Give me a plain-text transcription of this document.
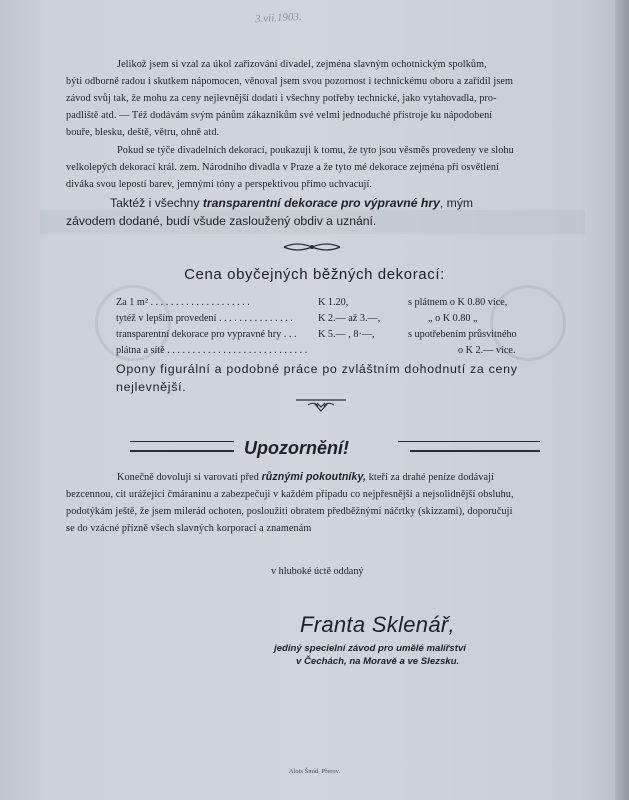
3.vii.1903.
Jelikož jsem si vzal za úkol zařizování divadel, zejména slavným ochotnickým spolkům,
býti odborně radou i skutkem nápomocen, věnoval jsem svou pozornost i technickému oboru a zařídil jsem
závod svůj tak, že mohu za ceny nejlevnější dodati i všechny potřeby technické, jako vytahovadla, pro-
padliště atd. — Též dodávám svým pánům zákazníkům své velmi jednoduché přístroje ku nápodobení
bouře, blesku, deště, větru, ohně atd.
Pokud se týče divadelních dekorací, poukazuji k tomu, že tyto jsou věsměs provedeny ve slohu
velkolepých dekorací král. zem. Národního divadla v Praze a že tyto mé dekorace zejména při osvětlení
diváka svou lepostí barev, jemnými tóny a perspektivou přímo uchvacují.
Taktéž i všechny transparentní dekorace pro výpravné hry, mým
závodem dodané, budí všude zasloužený obdiv a uznání.
Cena obyčejných běžných dekorací:
Za 1 m² . . . . . . . . . . . . . . . . . . . .	K 1.20,	s plátnem o K 0.80 více,
tytéž v lepším provedení . . . . . . . . . . . . . . . K 2.— až 3.—,	„ o K 0.80 „
transparentní dekorace pro vypravné hry . . . K 5.— , 8·—,	s upotřebením průsvitného
plátna a sítě . . . . . . . . . . . . . . . . . . . . . . . . . . . .	o K 2.— více.
Opony figurální a podobné práce po zvláštním dohodnutí za ceny
nejlevnější.
Upozornění!
Konečně dovoluji si varovati před různými pokoutníky, kteří za drahé peníze dodávají
bezcennou, cit urážející čmáraninu a zabezpečuji v každém případu co nejpřesnější a nejsolidnější obsluhu,
podotýkám ještě, že jsem milerád ochoten, posloužiti obratem předběžnými náčrtky (skizzami), doporučuji
se do vzácné přízně všech slavných korporací a znamenám
v hluboké úctě oddaný
Franta Sklenář,
jediný specielní závod pro umělé malířství
v Čechách, na Moravě a ve Slezsku.
Alois Šmíd, Přerov.
